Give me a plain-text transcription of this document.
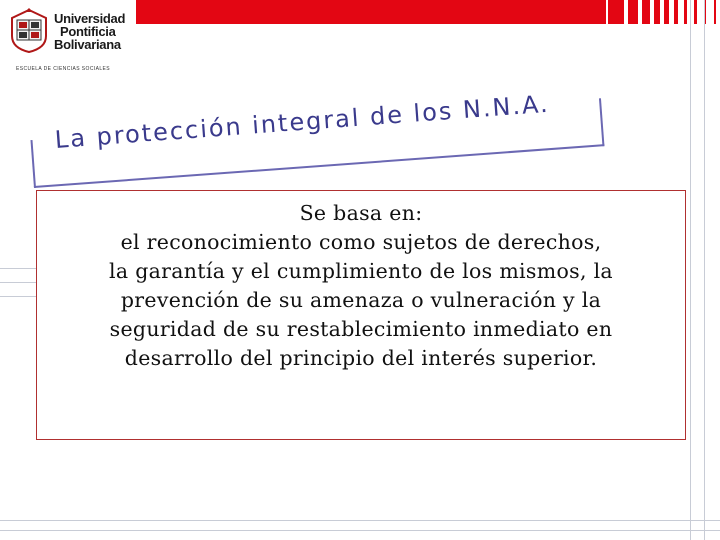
Universidad
Pontificia
Bolivariana
ESCUELA DE CIENCIAS SOCIALES
La protección integral de los N.N.A.
Se basa en:
el reconocimiento como sujetos de derechos,
la garantía y el cumplimiento de los mismos, la
prevención de su amenaza o vulneración y la
seguridad de su restablecimiento inmediato en
desarrollo del principio del interés superior.
